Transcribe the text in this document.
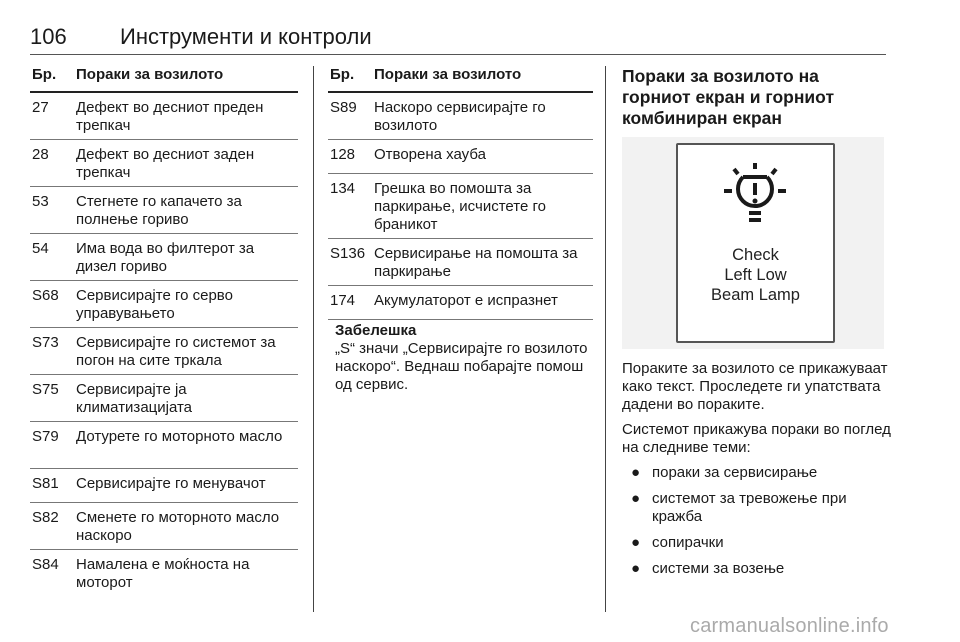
106 Инструменти и контроли
Бр. Пораки за возилото
27 Дефект во десниот преден трепкач
28 Дефект во десниот заден трепкач
53 Стегнете го капачето за полнење гориво
54 Има вода во филтерот за дизел гориво
S68 Сервисирајте го серво управувањето
S73 Сервисирајте го системот за погон на сите тркала
S75 Сервисирајте ја климатизацијата
S79 Дотурете го моторното масло
S81 Сервисирајте го менувачот
S82 Сменете го моторното масло наскоро
S84 Намалена е моќноста на моторот
Бр. Пораки за возилото
S89 Наскоро сервисирајте го возилото
128 Отворена хауба
134 Грешка во помошта за паркирање, исчистете го браникот
S136 Сервисирање на помошта за паркирање
174 Акумулаторот е испразнет
Забелешка
„S“ значи „Сервисирајте го возилото наскоро“. Веднаш побарајте помош од сервис.
Пораки за возилото на горниот екран и горниот комбиниран екран
Check
Left Low
Beam Lamp

Пораките за возилото се прикажуваат како текст. Проследете ги упатствата дадени во пораките.

Системот прикажува пораки во поглед на следниве теми:

● пораки за сервисирање
● системот за тревожење при кражба
● сопирачки
● системи за возење
carmanualsonline.info
